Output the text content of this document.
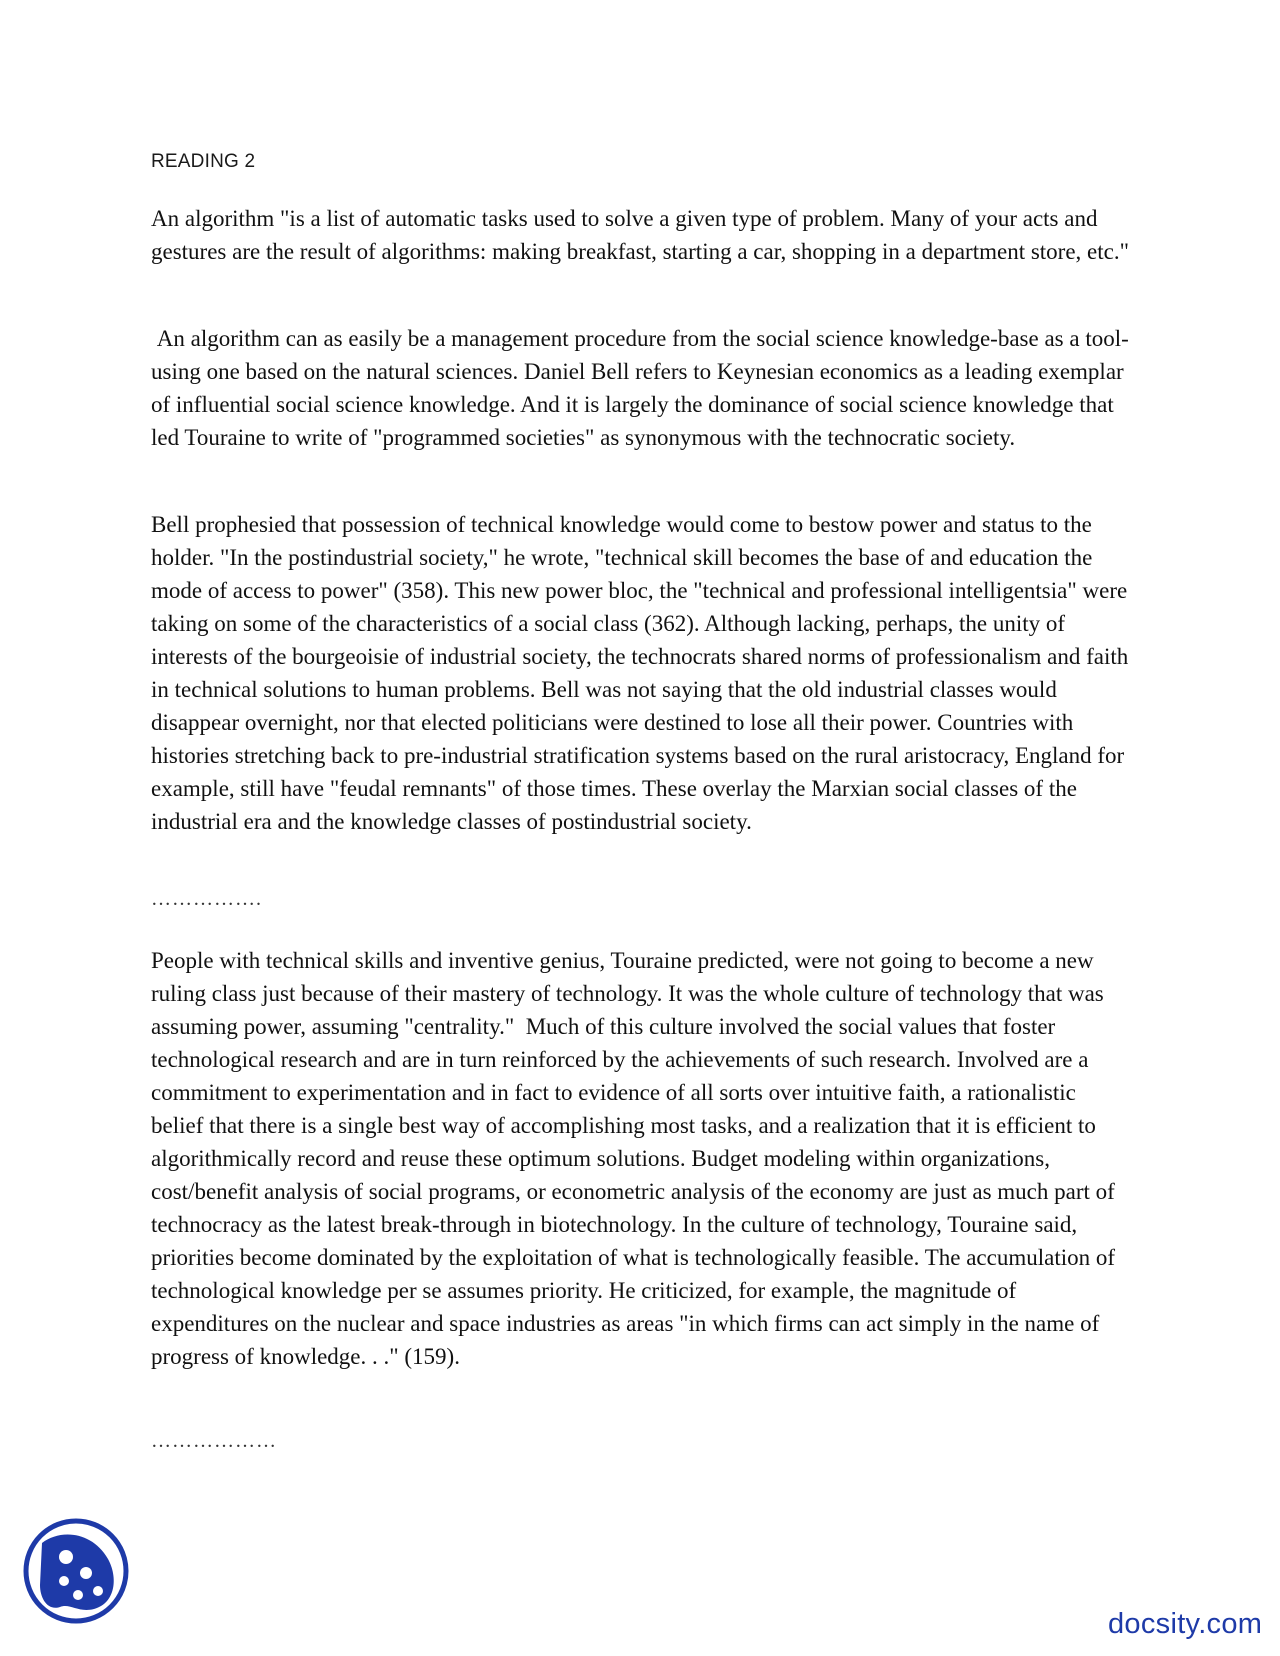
READING 2
An algorithm "is a list of automatic tasks used to solve a given type of problem. Many of your acts and gestures are the result of algorithms: making breakfast, starting a car, shopping in a department store, etc."
An algorithm can as easily be a management procedure from the social science knowledge-base as a tool-using one based on the natural sciences. Daniel Bell refers to Keynesian economics as a leading exemplar of influential social science knowledge. And it is largely the dominance of social science knowledge that led Touraine to write of "programmed societies" as synonymous with the technocratic society.
Bell prophesied that possession of technical knowledge would come to bestow power and status to the holder. "In the postindustrial society," he wrote, "technical skill becomes the base of and education the mode of access to power" (358). This new power bloc, the "technical and professional intelligentsia" were taking on some of the characteristics of a social class (362). Although lacking, perhaps, the unity of interests of the bourgeoisie of industrial society, the technocrats shared norms of professionalism and faith in technical solutions to human problems. Bell was not saying that the old industrial classes would disappear overnight, nor that elected politicians were destined to lose all their power. Countries with histories stretching back to pre-industrial stratification systems based on the rural aristocracy, England for example, still have "feudal remnants" of those times. These overlay the Marxian social classes of the industrial era and the knowledge classes of postindustrial society.
…………….
People with technical skills and inventive genius, Touraine predicted, were not going to become a new ruling class just because of their mastery of technology. It was the whole culture of technology that was assuming power, assuming "centrality."  Much of this culture involved the social values that foster technological research and are in turn reinforced by the achievements of such research. Involved are a commitment to experimentation and in fact to evidence of all sorts over intuitive faith, a rationalistic belief that there is a single best way of accomplishing most tasks, and a realization that it is efficient to algorithmically record and reuse these optimum solutions. Budget modeling within organizations, cost/benefit analysis of social programs, or econometric analysis of the economy are just as much part of technocracy as the latest break-through in biotechnology. In the culture of technology, Touraine said, priorities become dominated by the exploitation of what is technologically feasible. The accumulation of technological knowledge per se assumes priority. He criticized, for example, the magnitude of expenditures on the nuclear and space industries as areas "in which firms can act simply in the name of progress of knowledge. . ." (159).
………………
docsity.com
